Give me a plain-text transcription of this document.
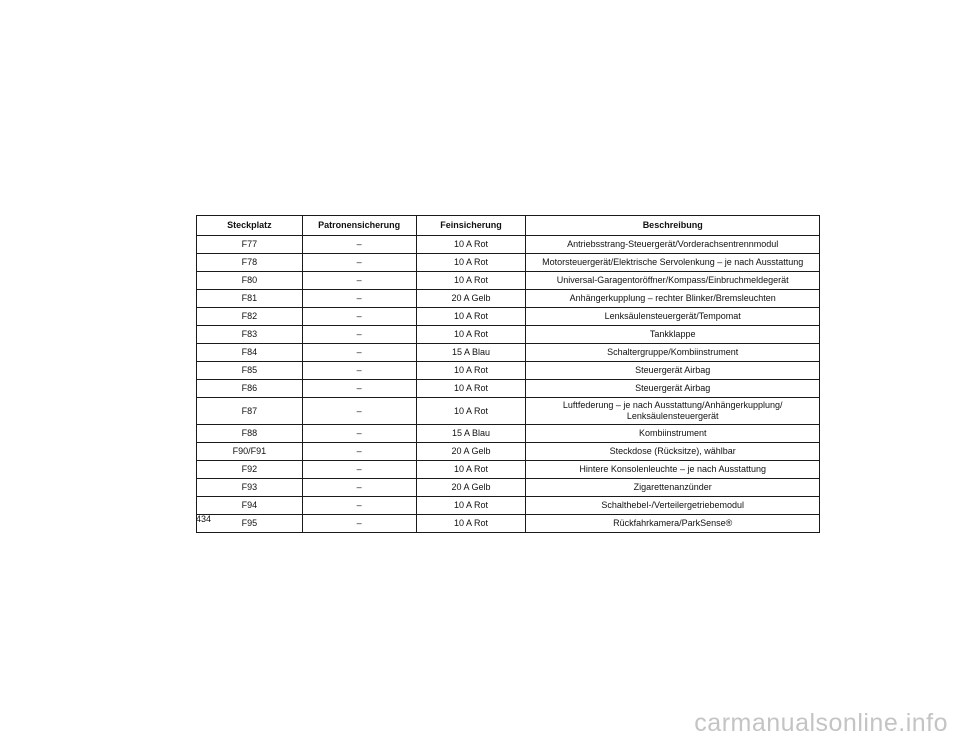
Steckplatz	Patronensicherung	Feinsicherung	Beschreibung
F77	–	10 A Rot	Antriebsstrang-Steuergerät/Vorderachsentrennmodul
F78	–	10 A Rot	Motorsteuergerät/Elektrische Servolenkung – je nach Ausstattung
F80	–	10 A Rot	Universal-Garagentoröffner/Kompass/Einbruchmeldegerät
F81	–	20 A Gelb	Anhängerkupplung – rechter Blinker/Bremsleuchten
F82	–	10 A Rot	Lenksäulensteuergerät/Tempomat
F83	–	10 A Rot	Tankklappe
F84	–	15 A Blau	Schaltergruppe/Kombiinstrument
F85	–	10 A Rot	Steuergerät Airbag
F86	–	10 A Rot	Steuergerät Airbag
F87	–	10 A Rot	Luftfederung – je nach Ausstattung/Anhängerkupplung/ Lenksäulensteuergerät
F88	–	15 A Blau	Kombiinstrument
F90/F91	–	20 A Gelb	Steckdose (Rücksitze), wählbar
F92	–	10 A Rot	Hintere Konsolenleuchte – je nach Ausstattung
F93	–	20 A Gelb	Zigarettenanzünder
F94	–	10 A Rot	Schalthebel-/Verteilergetriebemodul
F95	–	10 A Rot	Rückfahrkamera/ParkSense®
434
carmanualsonline.info
